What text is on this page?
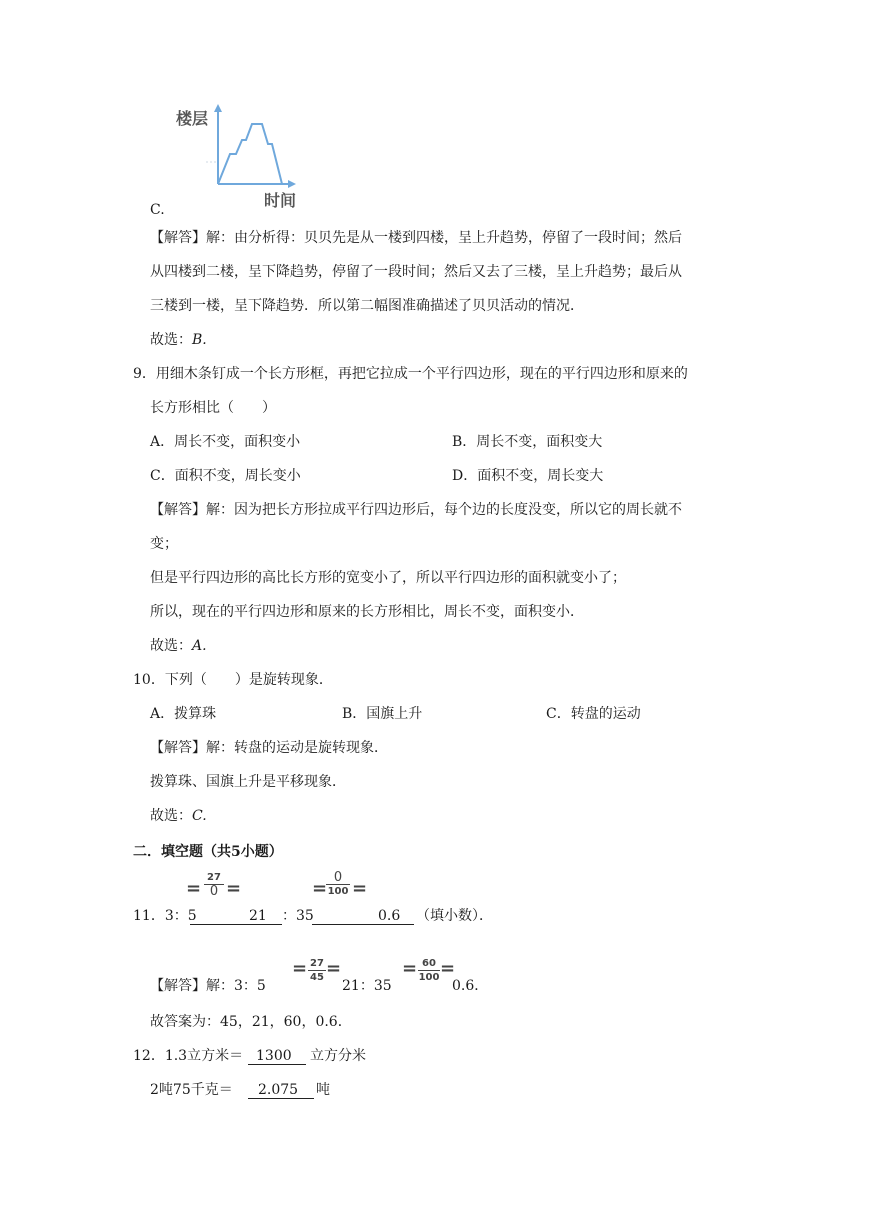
楼层
时间
C.
【解答】解：由分析得：贝贝先是从一楼到四楼，呈上升趋势，停留了一段时间；然后
从四楼到二楼，呈下降趋势，停留了一段时间；然后又去了三楼，呈上升趋势；最后从
三楼到一楼，呈下降趋势．所以第二幅图准确描述了贝贝活动的情况．
故选：B.
9．用细木条钉成一个长方形框，再把它拉成一个平行四边形，现在的平行四边形和原来的
长方形相比（　　）
A．周长不变，面积变小	B．周长不变，面积变大
C．面积不变，周长变小	D．面积不变，周长变大
【解答】解：因为把长方形拉成平行四边形后，每个边的长度没变，所以它的周长就不
变；
但是平行四边形的高比长方形的宽变小了，所以平行四边形的面积就变小了；
所以，现在的平行四边形和原来的长方形相比，周长不变，面积变小．
故选：A.
10．下列（　　）是旋转现象．
A．拨算珠	B．国旗上升	C．转盘的运动
【解答】解：转盘的运动是旋转现象．
拨算珠、国旗上升是平移现象．
故选：C.
二．填空题（共5小题）
11．3：5
=
27
0 =
21 ：35
=
0
100 =
0.6 （填小数）．
【解答】解：3：5
= 27
45 =
21：35
= 60
100 =
0.6．
故答案为：45，21，60，0.6．
12．1.3立方米＝ 1300 立方分米
2吨75千克＝ 2.075 吨
